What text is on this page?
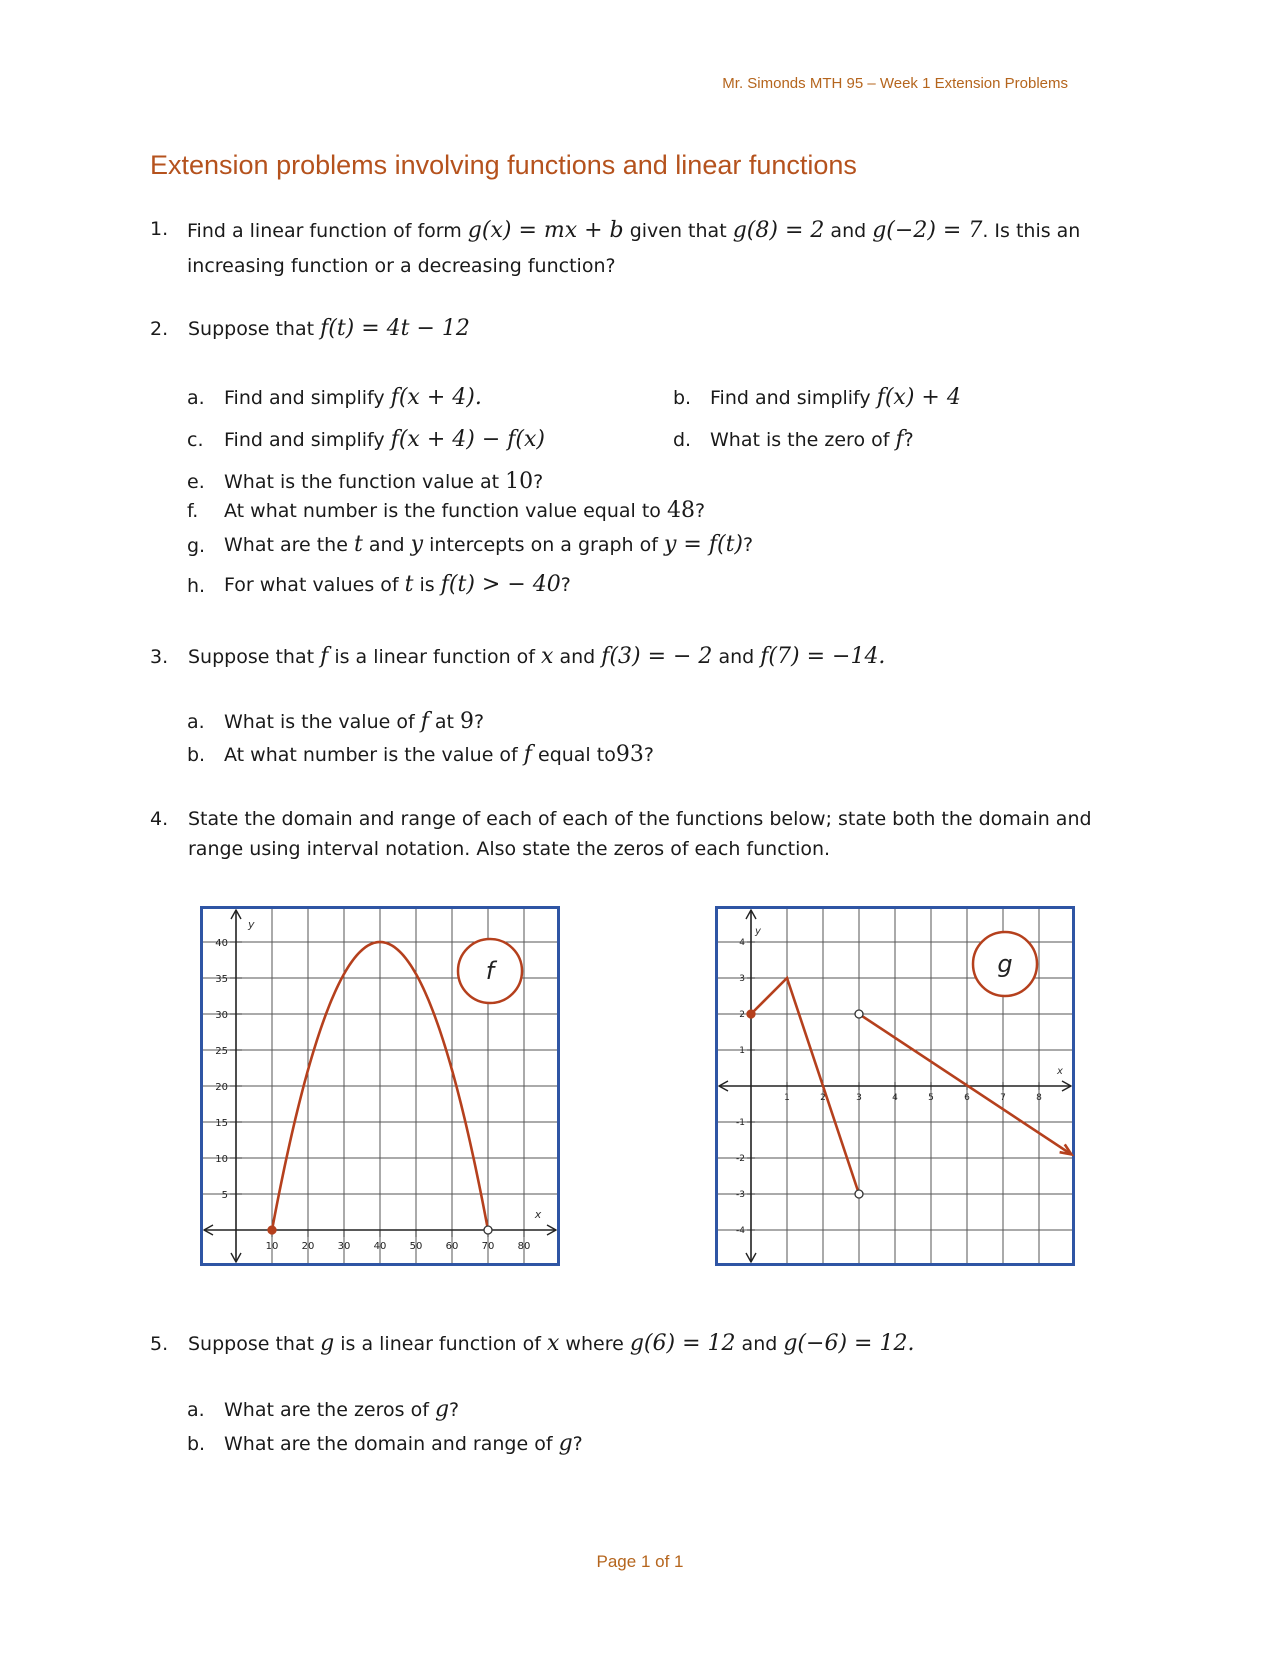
Mr. Simonds MTH 95 – Week 1 Extension Problems
Extension problems involving functions and linear functions
1. Find a linear function of form g(x) = mx + b given that g(8) = 2 and g(−2) = 7. Is this an
increasing function or a decreasing function?
2. Suppose that f(t) = 4t − 12
a. Find and simplify f(x + 4).	b. Find and simplify f(x) + 4
c. Find and simplify f(x + 4) − f(x)	d. What is the zero of f?
e. What is the function value at 10?
f. At what number is the function value equal to 48?
g. What are the t and y intercepts on a graph of y = f(t)?
h. For what values of t is f(t) > − 40?
3. Suppose that f is a linear function of x and f(3) = − 2 and f(7) = −14.
a. What is the value of f at 9?
b. At what number is the value of f equal to93?
4. State the domain and range of each of each of the functions below; state both the domain and
range using interval notation. Also state the zeros of each function.
10 20 30 40 50 60 70 80
5
10
15
20
25
30
35
40
y
x
f
1	2	3	4	5	6	7	8
-4
-3
-2
-1
1
2
3
4
y
x
g
5. Suppose that g is a linear function of x where g(6) = 12 and g(−6) = 12.
a. What are the zeros of g?
b. What are the domain and range of g?
Page 1 of 1
